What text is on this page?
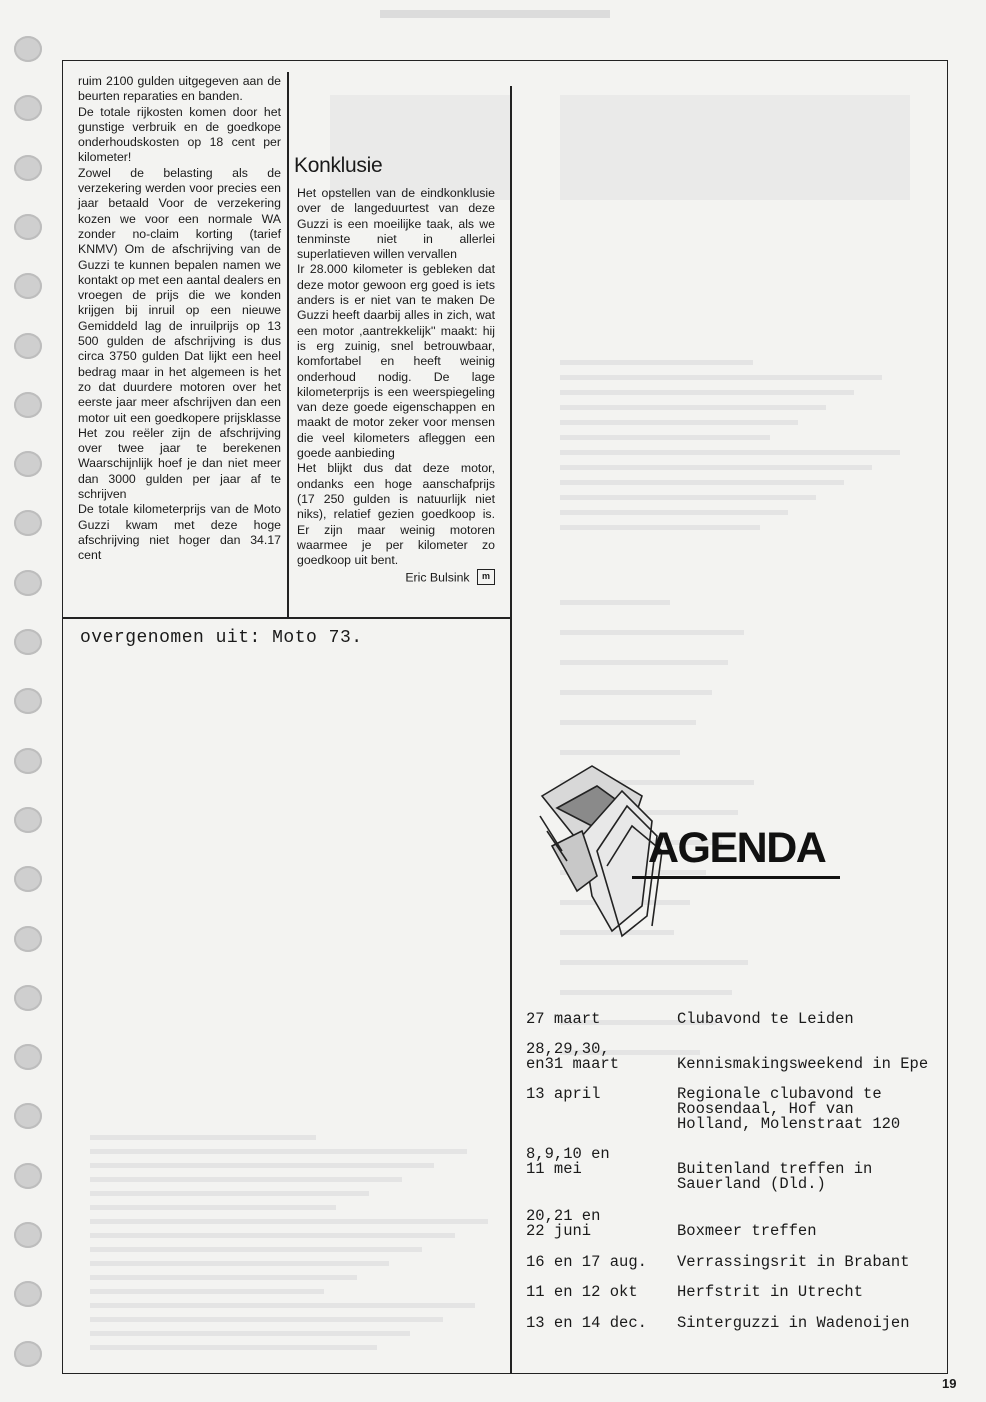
ruim 2100 gulden uitgegeven aan de beurten reparaties en banden.

De totale rijkosten komen door het gunstige verbruik en de goedkope onderhoudskosten op 18 cent per kilometer!

Zowel de belasting als de verzekering werden voor precies een jaar betaald Voor de verzekering kozen we voor een normale WA zonder no-claim korting (tarief KNMV) Om de afschrijving van de Guzzi te kunnen bepalen namen we kontakt op met een aantal dealers en vroegen de prijs die we konden krijgen bij inruil op een nieuwe Gemiddeld lag de inruilprijs op 13 500 gulden de afschrijving is dus circa 3750 gulden Dat lijkt een heel bedrag maar in het algemeen is het zo dat duurdere motoren over het eerste jaar meer afschrijven dan een motor uit een goedkopere prijsklasse Het zou reëler zijn de afschrijving over twee jaar te berekenen Waarschijnlijk hoef je dan niet meer dan 3000 gulden per jaar af te schrijven

De totale kilometerprijs van de Moto Guzzi kwam met deze hoge afschrijving niet hoger dan 34.17 cent

Konklusie

Het opstellen van de eindkonklusie over de langeduurtest van deze Guzzi is een moeilijke taak, als we tenminste niet in allerlei superlatieven willen vervallen

Ir 28.000 kilometer is gebleken dat deze motor gewoon erg goed is iets anders is er niet van te maken De Guzzi heeft daarbij alles in zich, wat een motor ,aantrekkelijk'' maakt: hij is erg zuinig, snel betrouwbaar, komfortabel en heeft weinig onderhoud nodig. De lage kilometerprijs is een weerspiegeling van deze goede eigenschappen en maakt de motor zeker voor mensen die veel kilometers afleggen een goede aanbieding

Het blijkt dus dat deze motor, ondanks een hoge aanschafprijs (17 250 gulden is natuurlijk niet niks), relatief gezien goedkoop is. Er zijn maar weinig motoren waarmee je per kilometer zo goedkoop uit bent.

Eric Bulsink m
overgenomen uit: Moto 73.
AGENDA
27 maart	Clubavond te Leiden
28,29,30,
en31 maart	Kennismakingsweekend in Epe
13 april	Regionale clubavond te
Roosendaal, Hof van
Holland, Molenstraat 120
8,9,10 en
11 mei	Buitenland treffen in
Sauerland (Dld.)
20,21 en
22 juni	Boxmeer treffen
16 en 17 aug.	Verrassingsrit in Brabant
11 en 12 okt	Herfstrit in Utrecht
13 en 14 dec.	Sinterguzzi in Wadenoijen
19
